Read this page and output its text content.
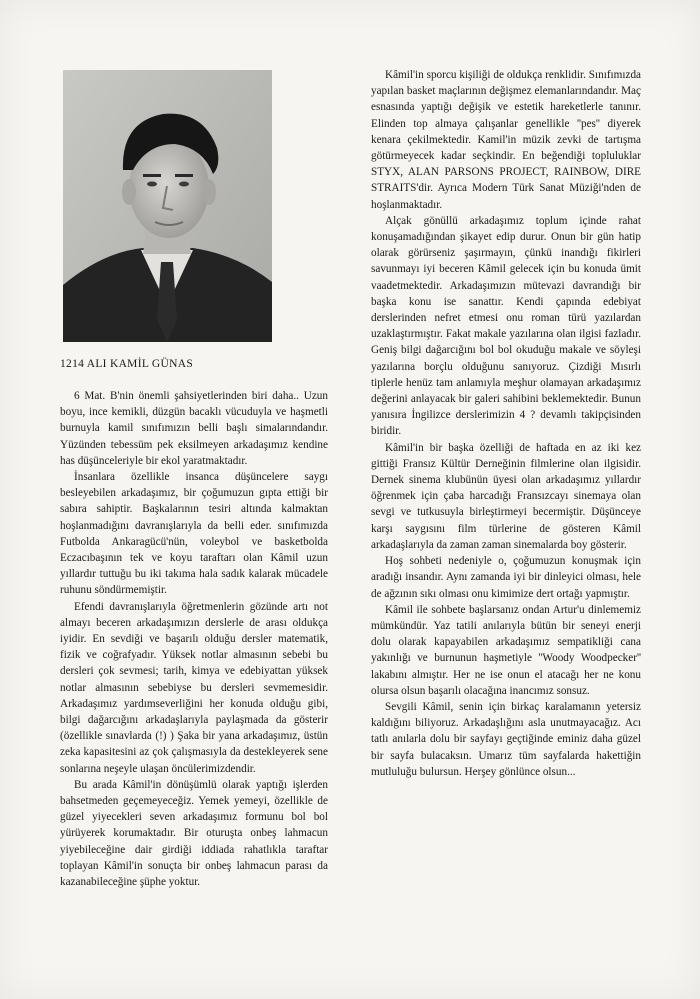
1214 ALI KAMİL GÜNAS

6 Mat. B'nin önemli şahsiyetlerinden biri daha.. Uzun boyu, ince kemikli, düzgün bacaklı vücuduyla ve haşmetli burnuyla kamil sınıfımızın belli başlı simalarındandır. Yüzünden tebessüm pek eksilmeyen arkadaşımız kendine has düşünceleriyle bir ekol yaratmaktadır.

İnsanlara özellikle insanca düşüncelere saygı besleyebilen arkadaşımız, bir çoğumuzun gıpta ettiği bir sabıra sahiptir. Başkalarının tesiri altında kalmaktan hoşlanmadığını davranışlarıyla da belli eder. sınıfımızda Futbolda Ankaragücü'nün, voleybol ve basketbolda Eczacıbaşının tek ve koyu taraftarı olan Kâmil uzun yıllardır tuttuğu bu iki takıma hala sadık kalarak mücadele ruhunu söndürmemiştir.

Efendi davranışlarıyla öğretmenlerin gözünde artı not almayı beceren arkadaşımızın derslerle de arası oldukça iyidir. En sevdiği ve başarılı olduğu dersler matematik, fizik ve coğrafyadır. Yüksek notlar almasının sebebi bu dersleri çok sevmesi; tarih, kimya ve edebiyattan yüksek notlar almasının sebebiyse bu dersleri sevmemesidir. Arkadaşımız yardımseverliğini her konuda olduğu gibi, bilgi dağarcığını arkadaşlarıyla paylaşmada da gösterir (özellikle sınavlarda (!) ) Şaka bir yana arkadaşımız, üstün zeka kapasitesini az çok çalışmasıyla da destekleyerek sene sonlarına neşeyle ulaşan öncülerimizdendir.

Bu arada Kâmil'in dönüşümlü olarak yaptığı işlerden bahsetmeden geçemeyeceğiz. Yemek yemeyi, özellikle de güzel yiyecekleri seven arkadaşımız formunu bol bol yürüyerek korumaktadır. Bir oturuşta onbeş lahmacun yiyebileceğine dair girdiği iddiada rahatlıkla taraftar toplayan Kâmil'in sonuçta bir onbeş lahmacun parası da kazanabileceğine şüphe yoktur.

Kâmil'in sporcu kişiliği de oldukça renklidir. Sınıfımızda yapılan basket maçlarının değişmez elemanlarındandır. Maç esnasında yaptığı değişik ve estetik hareketlerle tanınır. Elinden top almaya çalışanlar genellikle ''pes'' diyerek kenara çekilmektedir. Kamil'in müzik zevki de tartışma götürmeyecek kadar seçkindir. En beğendiği topluluklar STYX, ALAN PARSONS PROJECT, RAINBOW, DIRE STRAITS'dir. Ayrıca Modern Türk Sanat Müziği'nden de hoşlanmaktadır.

Alçak gönüllü arkadaşımız toplum içinde rahat konuşamadığından şikayet edip durur. Onun bir gün hatip olarak görürseniz şaşırmayın, çünkü inandığı fikirleri savunmayı iyi beceren Kâmil gelecek için bu konuda ümit vaadetmektedir. Arkadaşımızın mütevazi davrandığı bir başka konu ise sanattır. Kendi çapında edebiyat derslerinden nefret etmesi onu roman türü yazılardan uzaklaştırmıştır. Fakat makale yazılarına olan ilgisi fazladır. Geniş bilgi dağarcığını bol bol okuduğu makale ve söyleşi yazılarına borçlu olduğunu sanıyoruz. Çizdiği Mısırlı tiplerle henüz tam anlamıyla meşhur olamayan arkadaşımız değerini anlayacak bir galeri sahibini beklemektedir. Bunun yanısıra İngilizce derslerimizin 4 ? devamlı takipçisinden biridir.

Kâmil'in bir başka özelliği de haftada en az iki kez gittiği Fransız Kültür Derneğinin filmlerine olan ilgisidir. Dernek sinema klubünün üyesi olan arkadaşımız yıllardır öğrenmek için çaba harcadığı Fransızcayı sinemaya olan sevgi ve tutkusuyla birleştirmeyi becermiştir. Düşünceye karşı saygısını film türlerine de gösteren Kâmil arkadaşlarıyla da zaman zaman sinemalarda boy gösterir.

Hoş sohbeti nedeniyle o, çoğumuzun konuşmak için aradığı insandır. Aynı zamanda iyi bir dinleyici olması, hele de ağzının sıkı olması onu kimimize dert ortağı yapmıştır.

Kâmil ile sohbete başlarsanız ondan Artur'u dinlememiz mümkündür. Yaz tatili anılarıyla bütün bir seneyi enerji dolu olarak kapayabilen arkadaşımız sempatikliği cana yakınlığı ve burnunun haşmetiyle ''Woody Woodpecker'' lakabını almıştır. Her ne ise onun el atacağı her ne konu olursa olsun başarılı olacağına inancımız sonsuz.

Sevgili Kâmil, senin için birkaç karalamanın yetersiz kaldığını biliyoruz. Arkadaşlığını asla unutmayacağız. Acı tatlı anılarla dolu bir sayfayı geçtiğinde eminiz daha güzel bir sayfa bulacaksın. Umarız tüm sayfalarda hakettiğin mutluluğu bulursun. Herşey gönlünce olsun...
